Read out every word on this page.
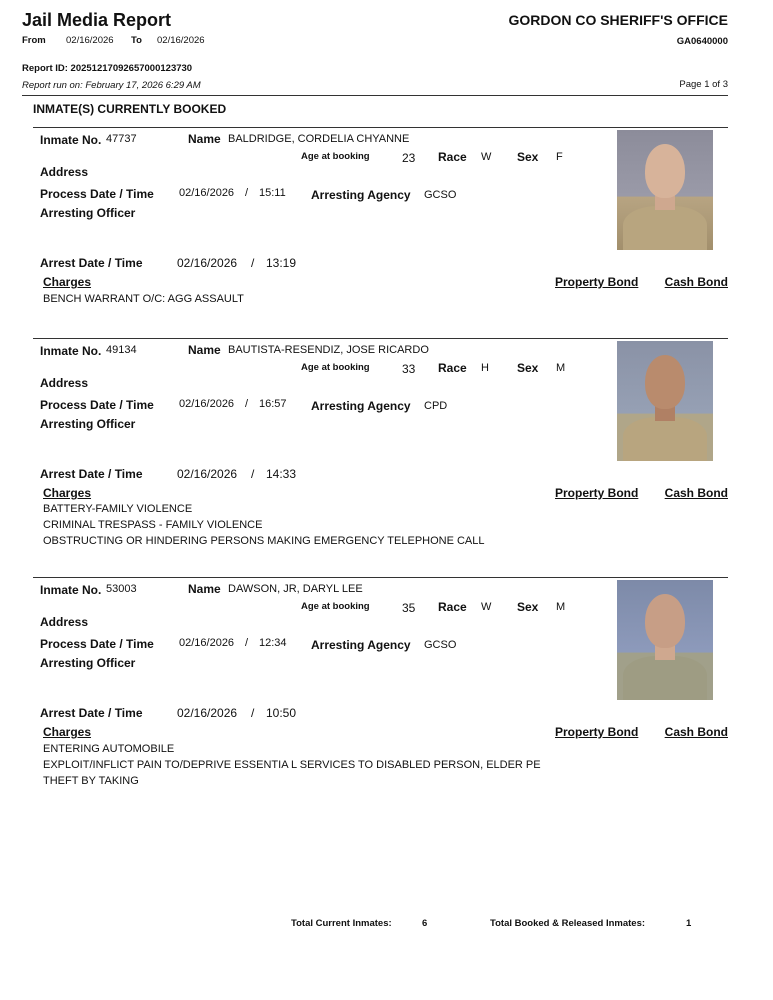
Jail Media Report	GORDON CO SHERIFF'S OFFICE
From 02/16/2026 To 02/16/2026	GA0640000
Report ID: 20251217092657000123730
Report run on: February 17, 2026 6:29 AM	Page 1 of 3
INMATE(S) CURRENTLY BOOKED
Inmate No. 47737	Name BALDRIDGE, CORDELIA CHYANNE
Age at booking	23 Race W Sex F
Address
Process Date / Time 02/16/2026 / 15:11 Arresting Agency GCSO
Arresting Officer
Arrest Date / Time	02/16/2026 / 13:19
Charges	Property Bond Cash Bond
BENCH WARRANT O/C: AGG ASSAULT
Inmate No. 49134	Name BAUTISTA-RESENDIZ, JOSE RICARDO
Age at booking	33 Race H Sex M
Address
Process Date / Time 02/16/2026 / 16:57 Arresting Agency CPD
Arresting Officer
Arrest Date / Time	02/16/2026 / 14:33
Charges	Property Bond Cash Bond
BATTERY-FAMILY VIOLENCE
CRIMINAL TRESPASS - FAMILY VIOLENCE
OBSTRUCTING OR HINDERING PERSONS MAKING EMERGENCY TELEPHONE CALL
Inmate No. 53003	Name DAWSON, JR, DARYL LEE
Age at booking	35 Race W Sex M
Address
Process Date / Time 02/16/2026 / 12:34 Arresting Agency GCSO
Arresting Officer
Arrest Date / Time	02/16/2026 / 10:50
Charges	Property Bond Cash Bond
ENTERING AUTOMOBILE
EXPLOIT/INFLICT PAIN TO/DEPRIVE ESSENTIA L SERVICES TO DISABLED PERSON, ELDER PE
THEFT BY TAKING
Total Current Inmates:	6	Total Booked & Released Inmates:	1
